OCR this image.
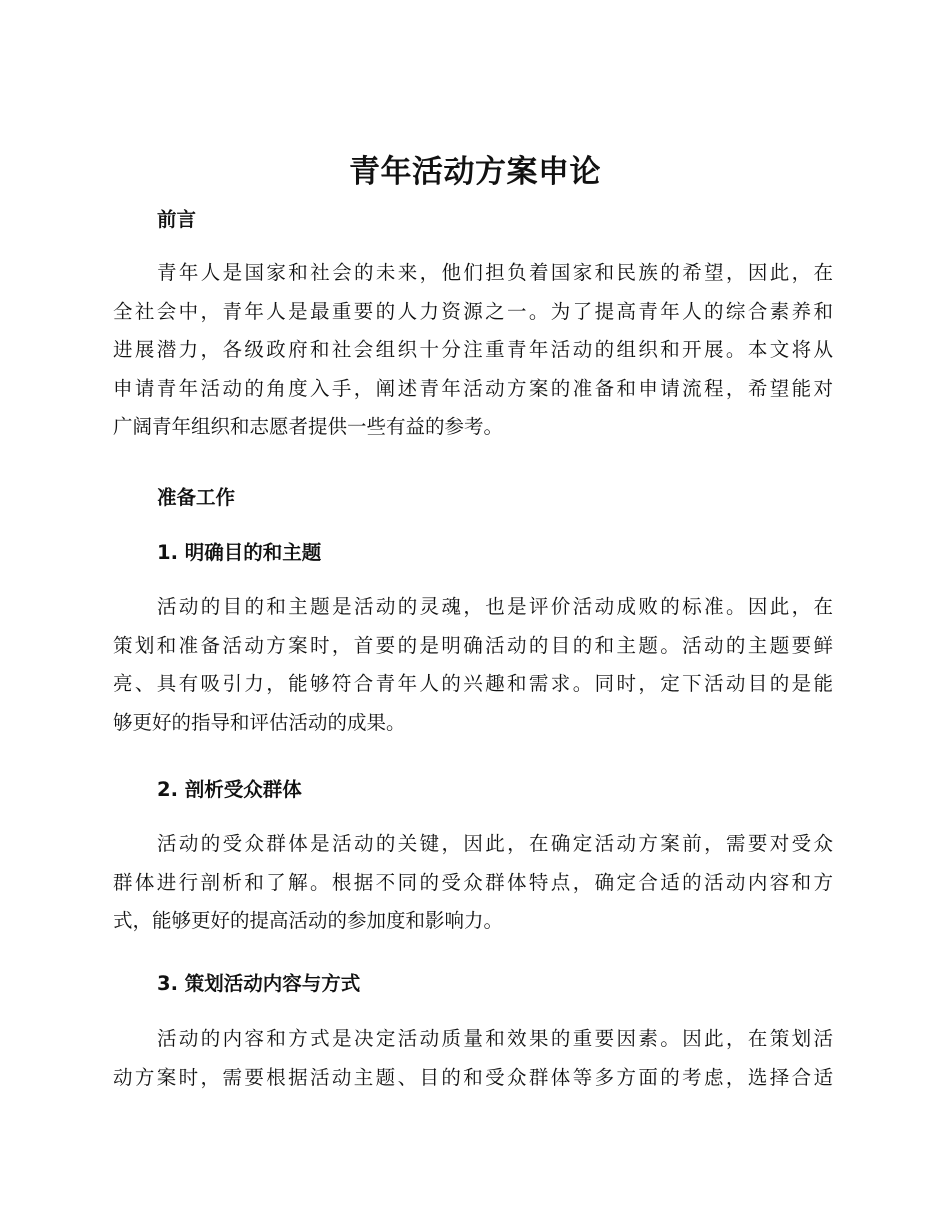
青年活动方案申论
前言
青年人是国家和社会的未来，他们担负着国家和民族的希望，因此，在
全社会中，青年人是最重要的人力资源之一。为了提高青年人的综合素养和
进展潜力，各级政府和社会组织十分注重青年活动的组织和开展。本文将从
申请青年活动的角度入手，阐述青年活动方案的准备和申请流程，希望能对
广阔青年组织和志愿者提供一些有益的参考。
准备工作
1. 明确目的和主题
活动的目的和主题是活动的灵魂，也是评价活动成败的标准。因此，在
策划和准备活动方案时，首要的是明确活动的目的和主题。活动的主题要鲜
亮、具有吸引力，能够符合青年人的兴趣和需求。同时，定下活动目的是能
够更好的指导和评估活动的成果。
2. 剖析受众群体
活动的受众群体是活动的关键，因此，在确定活动方案前，需要对受众
群体进行剖析和了解。根据不同的受众群体特点，确定合适的活动内容和方
式，能够更好的提高活动的参加度和影响力。
3. 策划活动内容与方式
活动的内容和方式是决定活动质量和效果的重要因素。因此，在策划活
动方案时，需要根据活动主题、目的和受众群体等多方面的考虑，选择合适
